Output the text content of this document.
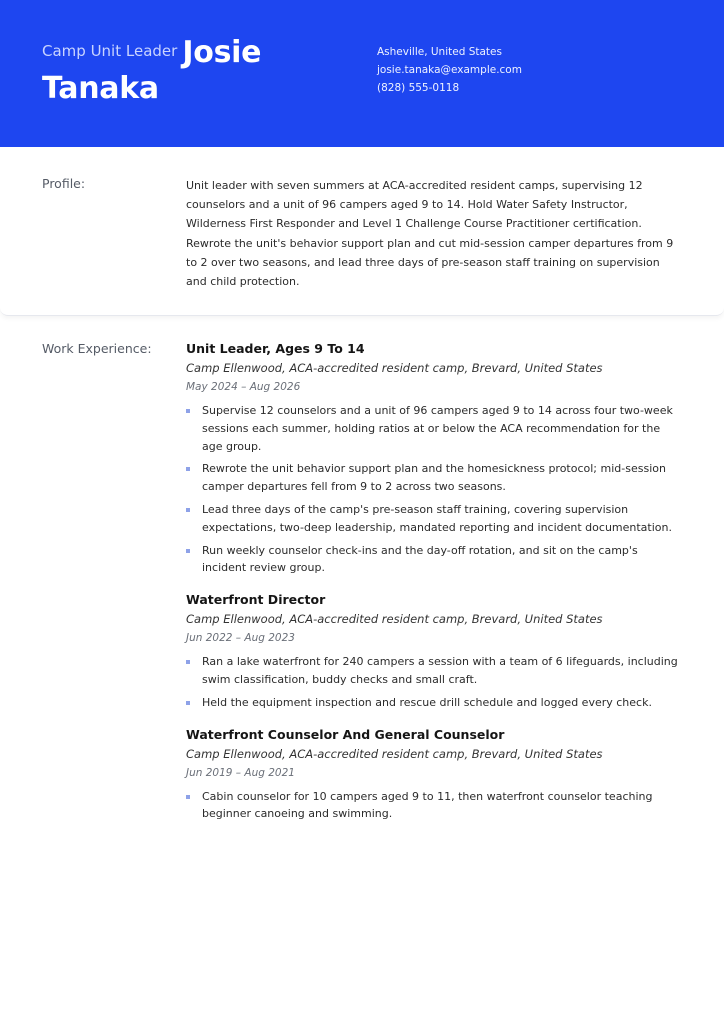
Camp Unit Leader Josie
Tanaka
Asheville, United States
josie.tanaka@example.com
(828) 555-0118
Profile:	Unit leader with seven summers at ACA-accredited resident camps, supervising 12 counselors and a unit of 96 campers aged 9 to 14. Hold Water Safety Instructor, Wilderness First Responder and Level 1 Challenge Course Practitioner certification. Rewrote the unit's behavior support plan and cut mid-session camper departures from 9 to 2 over two seasons, and lead three days of pre-season staff training on supervision and child protection.
Work Experience:	Unit Leader, Ages 9 To 14
Camp Ellenwood, ACA-accredited resident camp, Brevard, United States
May 2024 – Aug 2026
Supervise 12 counselors and a unit of 96 campers aged 9 to 14 across four two-week sessions each summer, holding ratios at or below the ACA recommendation for the age group.
Rewrote the unit behavior support plan and the homesickness protocol; mid-session camper departures fell from 9 to 2 across two seasons.
Lead three days of the camp's pre-season staff training, covering supervision expectations, two-deep leadership, mandated reporting and incident documentation.
Run weekly counselor check-ins and the day-off rotation, and sit on the camp's incident review group.
Waterfront Director
Camp Ellenwood, ACA-accredited resident camp, Brevard, United States
Jun 2022 – Aug 2023
Ran a lake waterfront for 240 campers a session with a team of 6 lifeguards, including swim classification, buddy checks and small craft.
Held the equipment inspection and rescue drill schedule and logged every check.
Waterfront Counselor And General Counselor
Camp Ellenwood, ACA-accredited resident camp, Brevard, United States
Jun 2019 – Aug 2021
Cabin counselor for 10 campers aged 9 to 11, then waterfront counselor teaching beginner canoeing and swimming.
